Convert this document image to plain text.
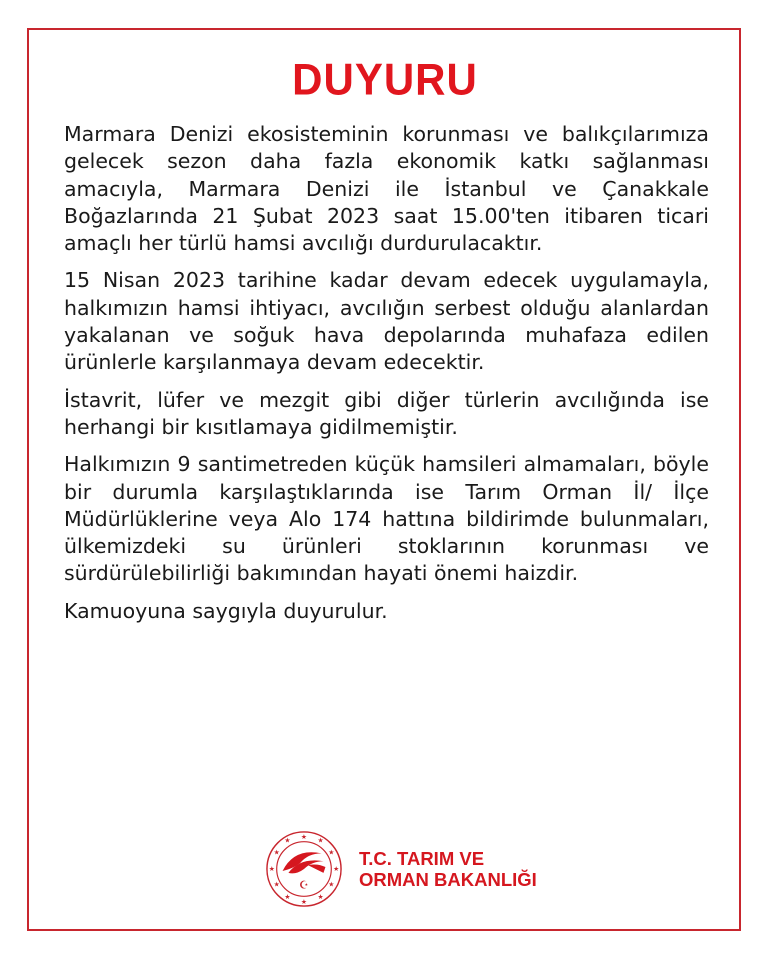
DUYURU

Marmara Denizi ekosisteminin korunması ve balıkçılarımıza gelecek sezon daha fazla ekonomik katkı sağlanması amacıyla, Marmara Denizi ile İstanbul ve Çanakkale Boğazlarında 21 Şubat 2023 saat 15.00'ten itibaren ticari amaçlı her türlü hamsi avcılığı durdurulacaktır.

15 Nisan 2023 tarihine kadar devam edecek uygulamayla, halkımızın hamsi ihtiyacı, avcılığın serbest olduğu alanlardan yakalanan ve soğuk hava depolarında muhafaza edilen ürünlerle karşılanmaya devam edecektir.

İstavrit, lüfer ve mezgit gibi diğer türlerin avcılığında ise herhangi bir kısıtlamaya gidilmemiştir.

Halkımızın 9 santimetreden küçük hamsileri almamaları, böyle bir durumla karşılaştıklarında ise Tarım Orman İl/ İlçe Müdürlüklerine veya Alo 174 hattına bildirimde bulunmaları, ülkemizdeki su ürünleri stoklarının korunması ve sürdürülebilirliği bakımından hayati önemi haizdir.

Kamuoyuna saygıyla duyurulur.

★ ★
★
★
★
★
★
★
★
★
★
★
☪
T.C. TARIM VE
ORMAN BAKANLIĞI
